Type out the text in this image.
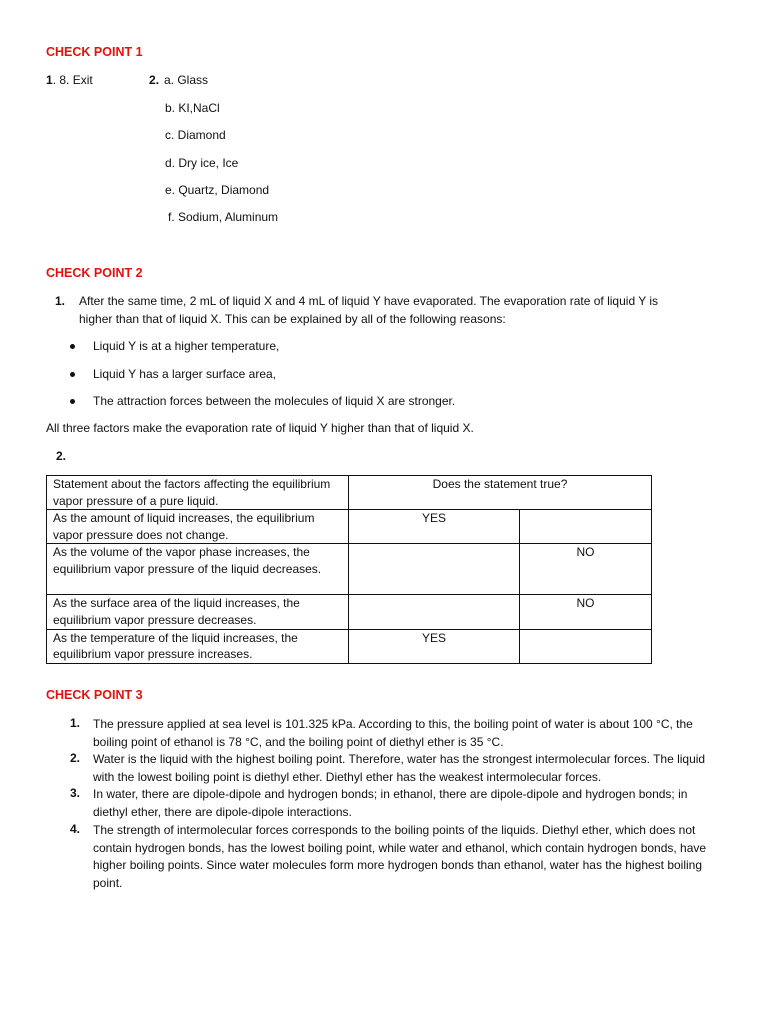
CHECK POINT 1
1. 8. Exit	2. a. Glass
b. KI,NaCl
c. Diamond
d. Dry ice, Ice
e. Quartz, Diamond
f. Sodium, Aluminum
CHECK POINT 2
1. After the same time, 2 mL of liquid X and 4 mL of liquid Y have evaporated. The evaporation rate of liquid Y is
higher than that of liquid X. This can be explained by all of the following reasons:
Liquid Y is at a higher temperature,
Liquid Y has a larger surface area,
The attraction forces between the molecules of liquid X are stronger.
All three factors make the evaporation rate of liquid Y higher than that of liquid X.
2.
Statement about the factors affecting the equilibrium vapor pressure of a pure liquid.	Does the statement true?	
As the amount of liquid increases, the equilibrium vapor pressure does not change.	YES	
As the volume of the vapor phase increases, the equilibrium vapor pressure of the liquid decreases.		NO
As the surface area of the liquid increases, the equilibrium vapor pressure decreases.		NO
As the temperature of the liquid increases, the equilibrium vapor pressure increases.	YES	
CHECK POINT 3
1. The pressure applied at sea level is 101.325 kPa. According to this, the boiling point of water is about 100 °C, the boiling point of ethanol is 78 °C, and the boiling point of diethyl ether is 35 °C.
2. Water is the liquid with the highest boiling point. Therefore, water has the strongest intermolecular forces. The liquid with the lowest boiling point is diethyl ether. Diethyl ether has the weakest intermolecular forces.
3. In water, there are dipole-dipole and hydrogen bonds; in ethanol, there are dipole-dipole and hydrogen bonds; in diethyl ether, there are dipole-dipole interactions.
4. The strength of intermolecular forces corresponds to the boiling points of the liquids. Diethyl ether, which does not contain hydrogen bonds, has the lowest boiling point, while water and ethanol, which contain hydrogen bonds, have higher boiling points. Since water molecules form more hydrogen bonds than ethanol, water has the highest boiling point.
